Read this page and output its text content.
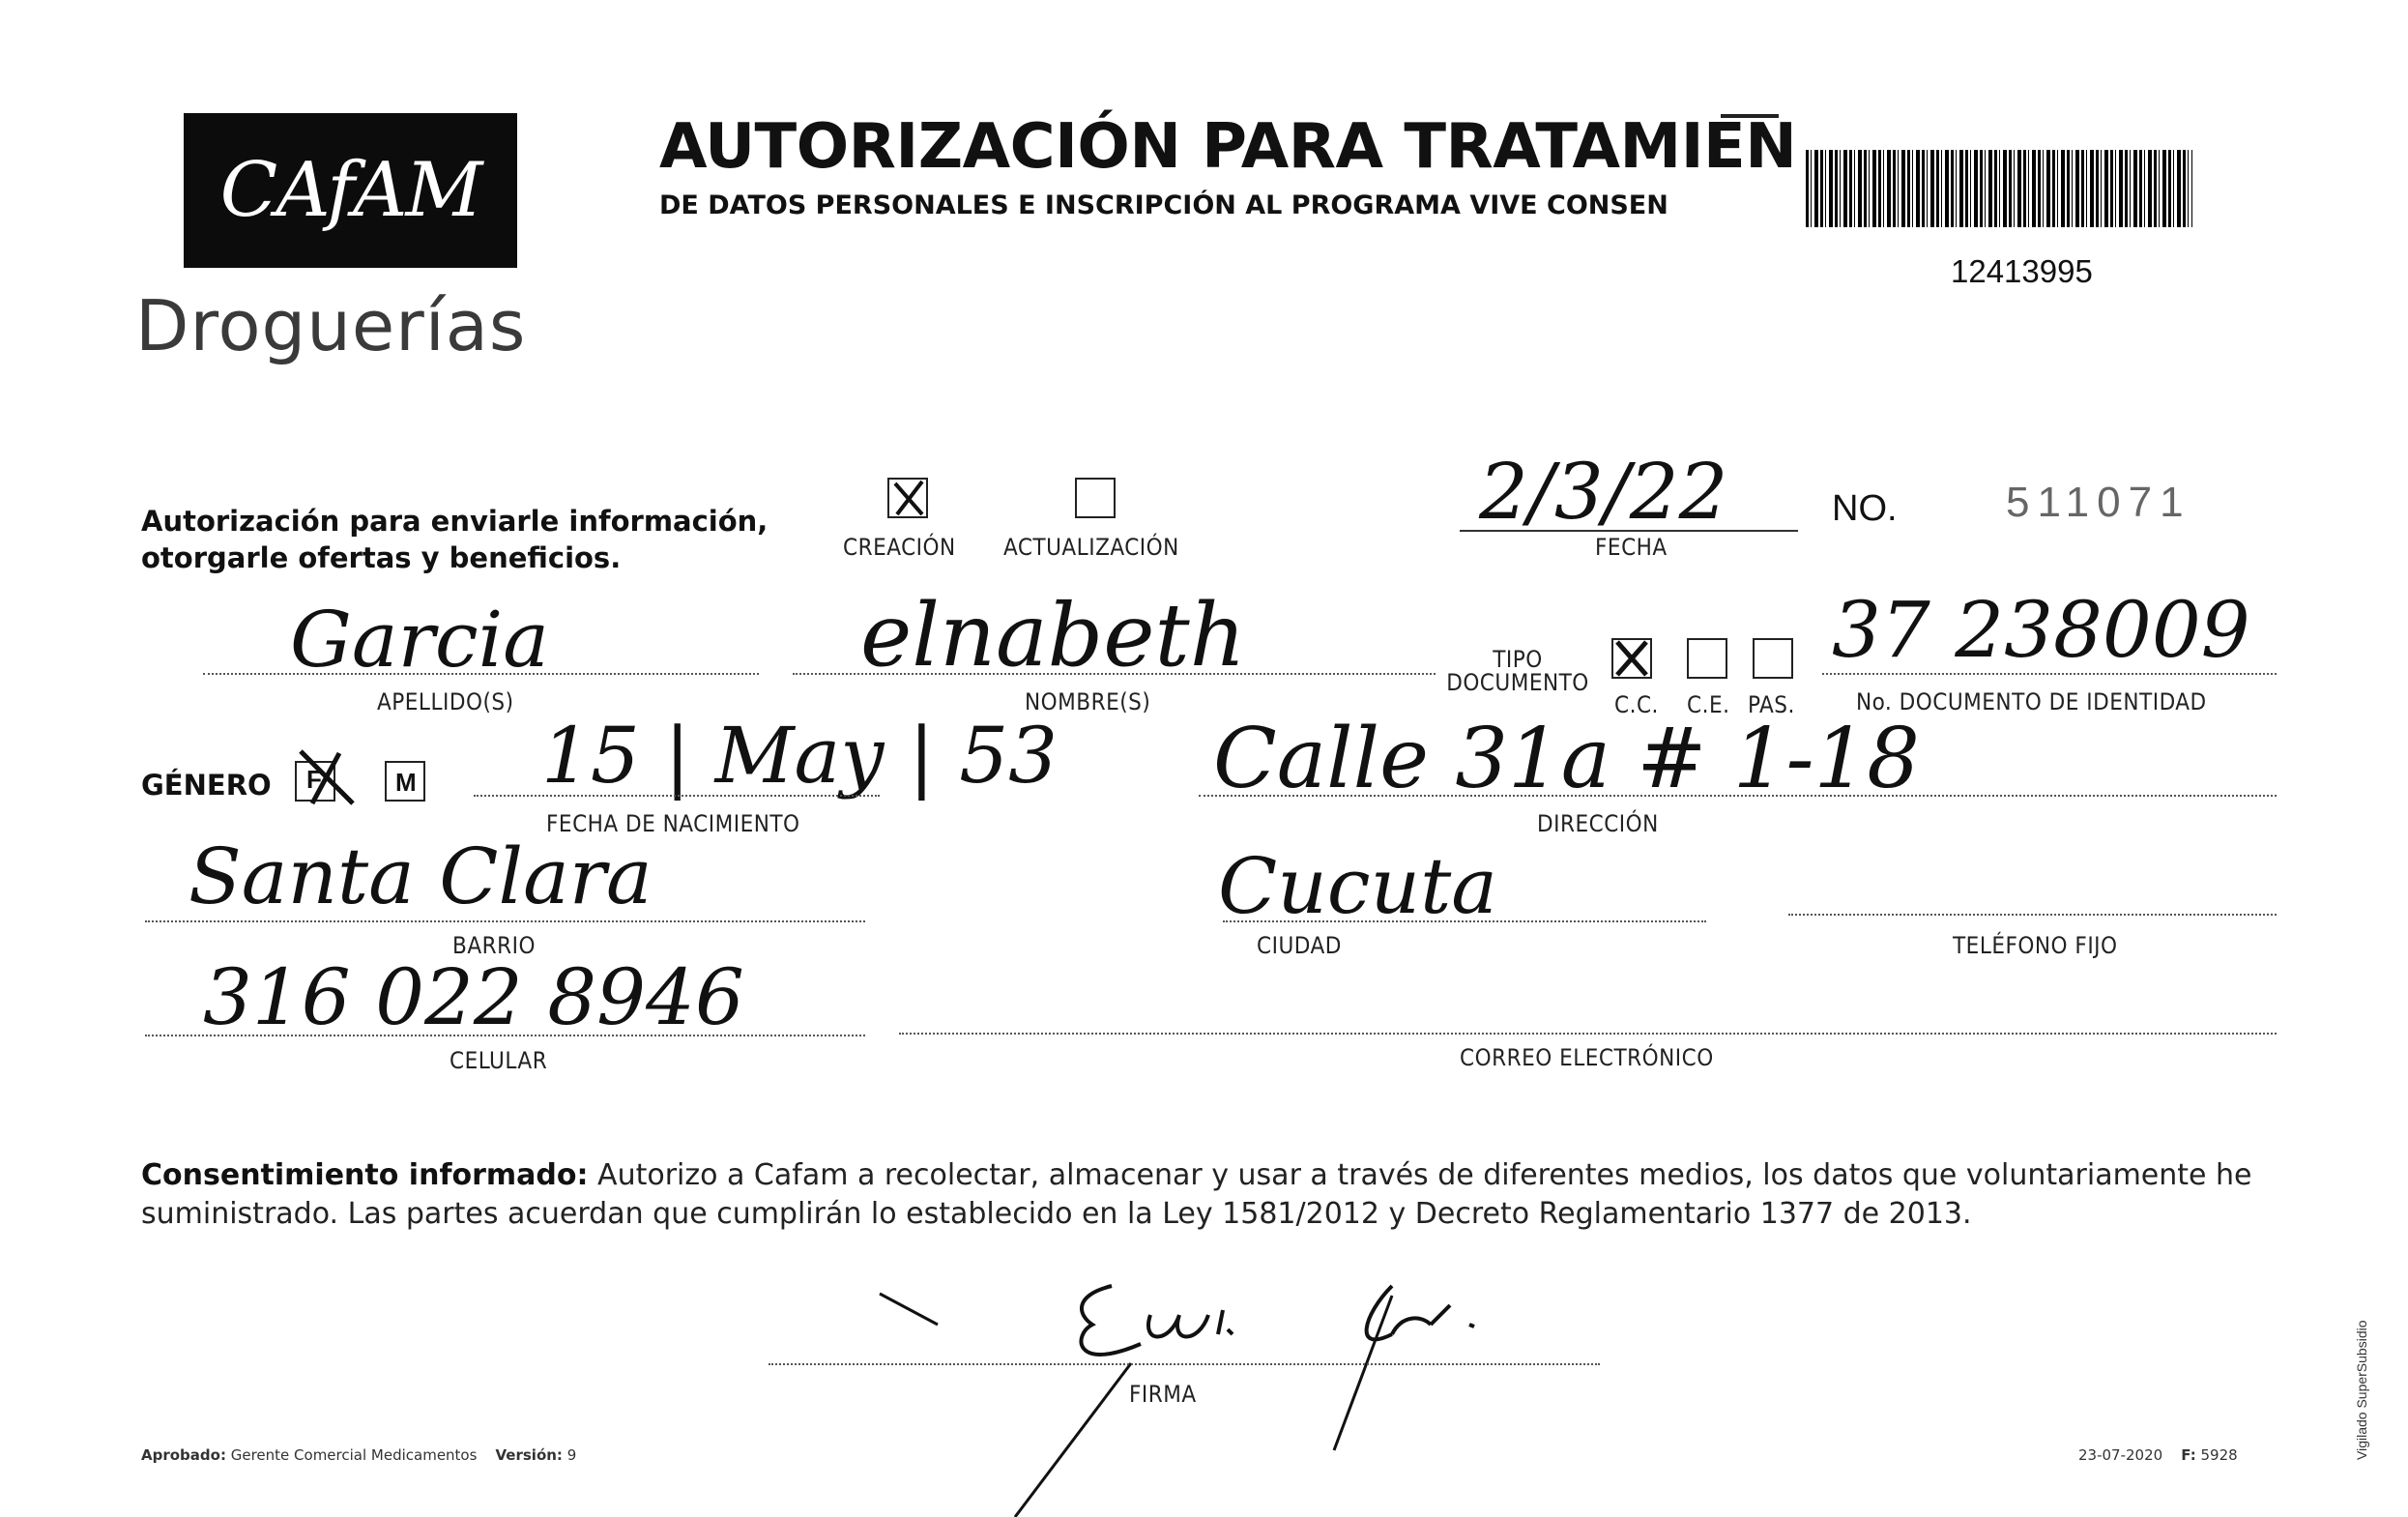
CAfAM
Droguerías
AUTORIZACIÓN PARA TRATAMIEN
DE DATOS PERSONALES E INSCRIPCIÓN AL PROGRAMA VIVE CONSEN
12413995
Autorización para enviarle información,
otorgarle ofertas y beneficios.	CREACIÓN ACTUALIZACIÓN
2/3/22
FECHA
NO.	511071
Garcia
APELLIDO(S)
elnabeth
NOMBRE(S)
TIPO DOCUMENTO
C.C. C.E. PAS.
37 238009
No. DOCUMENTO DE IDENTIDAD
GÉNERO F	M 15 | May | 53
FECHA DE NACIMIENTO
Calle 31a # 1-18
DIRECCIÓN
Santa Clara
BARRIO
Cucuta
CIUDAD	TELÉFONO FIJO
316 022 8946
CELULAR	CORREO ELECTRÓNICO
Consentimiento informado: Autorizo a Cafam a recolectar, almacenar y usar a través de diferentes medios, los datos que voluntariamente he suministrado. Las partes acuerdan que cumplirán lo establecido en la Ley 1581/2012 y Decreto Reglamentario 1377 de 2013.
FIRMA
Aprobado: Gerente Comercial Medicamentos Versión: 9	23-07-2020 F: 5928	Vigilado SuperSubsidio
